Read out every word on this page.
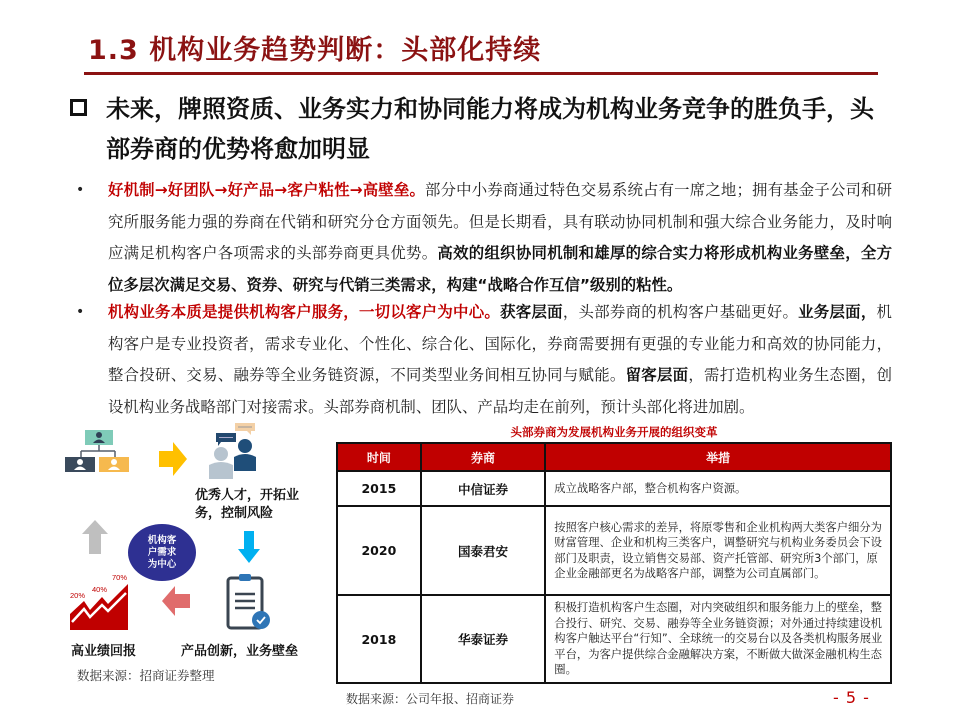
1.3 机构业务趋势判断：头部化持续
未来，牌照资质、业务实力和协同能力将成为机构业务竞争的胜负手，头部券商的优势将愈加明显
•	好机制→好团队→好产品→客户粘性→高壁垒。部分中小券商通过特色交易系统占有一席之地；拥有基金子公司和研究所服务能力强的券商在代销和研究分仓方面领先。但是长期看，具有联动协同机制和强大综合业务能力，及时响应满足机构客户各项需求的头部券商更具优势。高效的组织协同机制和雄厚的综合实力将形成机构业务壁垒，全方位多层次满足交易、资券、研究与代销三类需求，构建“战略合作互信”级别的粘性。
•	机构业务本质是提供机构客户服务，一切以客户为中心。获客层面，头部券商的机构客户基础更好。业务层面，机构客户是专业投资者，需求专业化、个性化、综合化、国际化，券商需要拥有更强的专业能力和高效的协同能力，整合投研、交易、融券等全业务链资源，不同类型业务间相互协同与赋能。留客层面，需打造机构业务生态圈，创设机构业务战略部门对接需求。头部券商机制、团队、产品均走在前列，预计头部化将进加剧。
优秀人才，开拓业务，控制风险
机构客户需求为中心
20%
40%
70%
高业绩回报	产品创新，业务壁垒
数据来源：招商证券整理
头部券商为发展机构业务开展的组织变革
时间	券商	举措
2015	中信证券	成立战略客户部，整合机构客户资源。
2020	国泰君安	按照客户核心需求的差异，将原零售和企业机构两大类客户细分为财富管理、企业和机构三类客户，调整研究与机构业务委员会下设部门及职责，设立销售交易部、资产托管部、研究所3个部门，原企业金融部更名为战略客户部，调整为公司直属部门。
2018	华泰证券	积极打造机构客户生态圈，对内突破组织和服务能力上的壁垒，整合投行、研究、交易、融券等全业务链资源；对外通过持续建设机构客户触达平台“行知”、全球统一的交易台以及各类机构服务展业平台，为客户提供综合金融解决方案，不断做大做深金融机构生态圈。
数据来源：公司年报、招商证券	- 5 -
